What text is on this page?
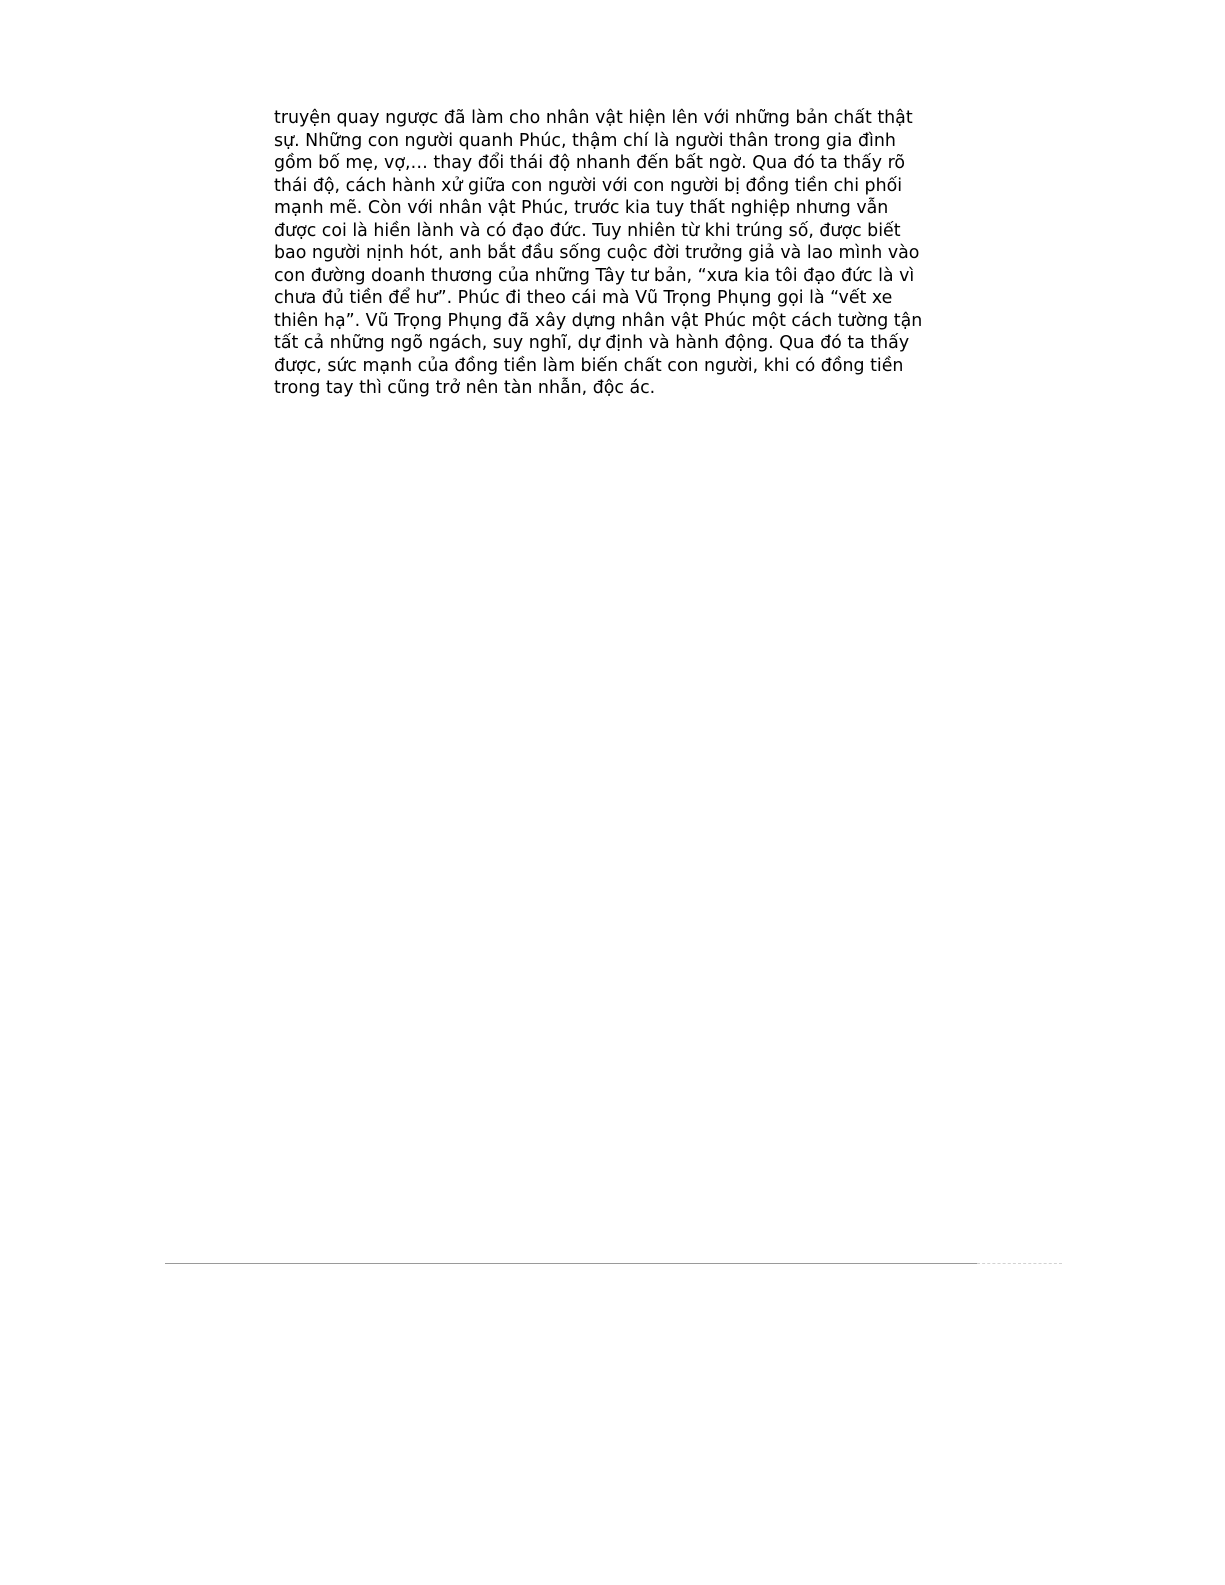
truyện quay ngược đã làm cho nhân vật hiện lên với những bản chất thật
sự. Những con người quanh Phúc, thậm chí là người thân trong gia đình
gồm bố mẹ, vợ,… thay đổi thái độ nhanh đến bất ngờ. Qua đó ta thấy rõ
thái độ, cách hành xử giữa con người với con người bị đồng tiền chi phối
mạnh mẽ. Còn với nhân vật Phúc, trước kia tuy thất nghiệp nhưng vẫn
được coi là hiền lành và có đạo đức. Tuy nhiên từ khi trúng số, được biết
bao người nịnh hót, anh bắt đầu sống cuộc đời trưởng giả và lao mình vào
con đường doanh thương của những Tây tư bản, “xưa kia tôi đạo đức là vì
chưa đủ tiền để hư”. Phúc đi theo cái mà Vũ Trọng Phụng gọi là “vết xe
thiên hạ”. Vũ Trọng Phụng đã xây dựng nhân vật Phúc một cách tường tận
tất cả những ngõ ngách, suy nghĩ, dự định và hành động. Qua đó ta thấy
được, sức mạnh của đồng tiền làm biến chất con người, khi có đồng tiền
trong tay thì cũng trở nên tàn nhẫn, độc ác.
